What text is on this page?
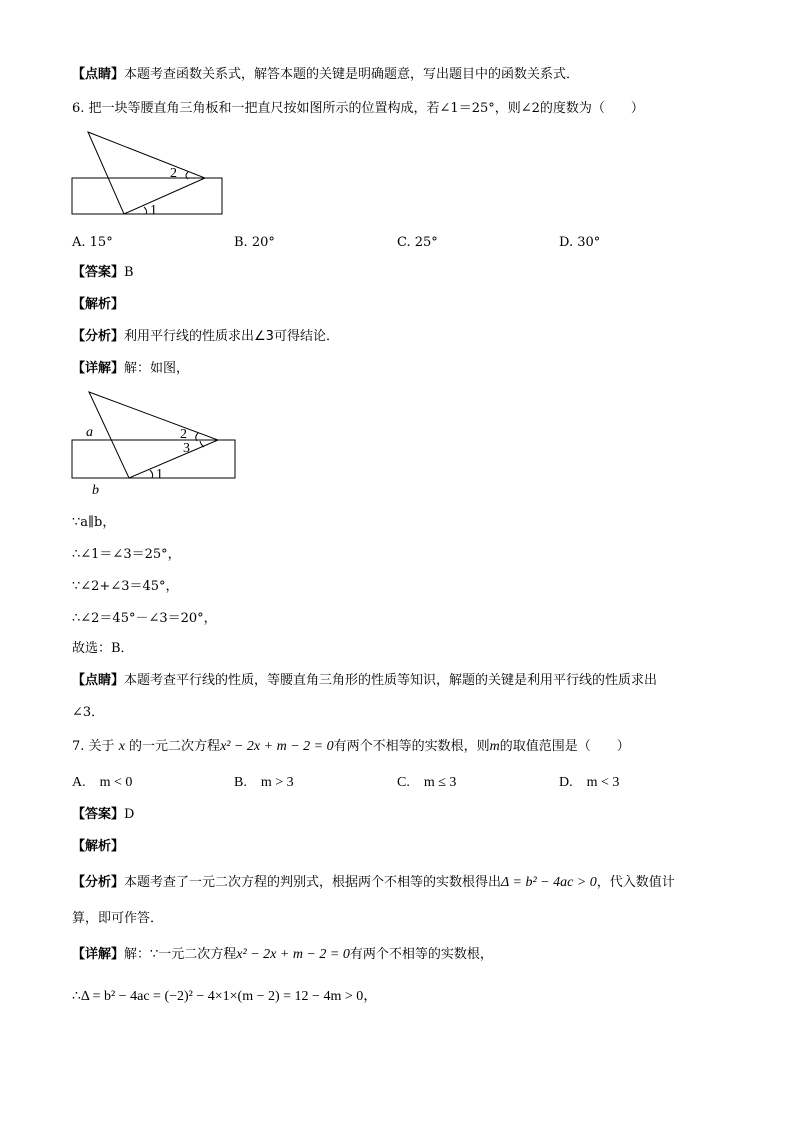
【点睛】本题考查函数关系式，解答本题的关键是明确题意，写出题目中的函数关系式．
6. 把一块等腰直角三角板和一把直尺按如图所示的位置构成，若∠1＝25°，则∠2的度数为（　　）
2
1
A. 15°	B. 20°	C. 25°	D. 30°
【答案】B
【解析】
【分析】利用平行线的性质求出∠3可得结论．
【详解】解：如图，
a
b
2
3
1
∵a∥b，
∴∠1＝∠3＝25°，
∵∠2+∠3＝45°，
∴∠2＝45°－∠3＝20°，
故选：B．
【点睛】本题考查平行线的性质，等腰直角三角形的性质等知识，解题的关键是利用平行线的性质求出
∠3．
7. 关于 x 的一元二次方程x² − 2x + m − 2 = 0有两个不相等的实数根，则m的取值范围是（　　）
A.　m < 0	B.　m > 3	C.　m ≤ 3	D.　m < 3
【答案】D
【解析】
【分析】本题考查了一元二次方程的判别式，根据两个不相等的实数根得出Δ = b² − 4ac > 0，代入数值计
算，即可作答．
【详解】解：∵一元二次方程x² − 2x + m − 2 = 0有两个不相等的实数根，
∴Δ = b² − 4ac = (−2)² − 4×1×(m − 2) = 12 − 4m > 0，
